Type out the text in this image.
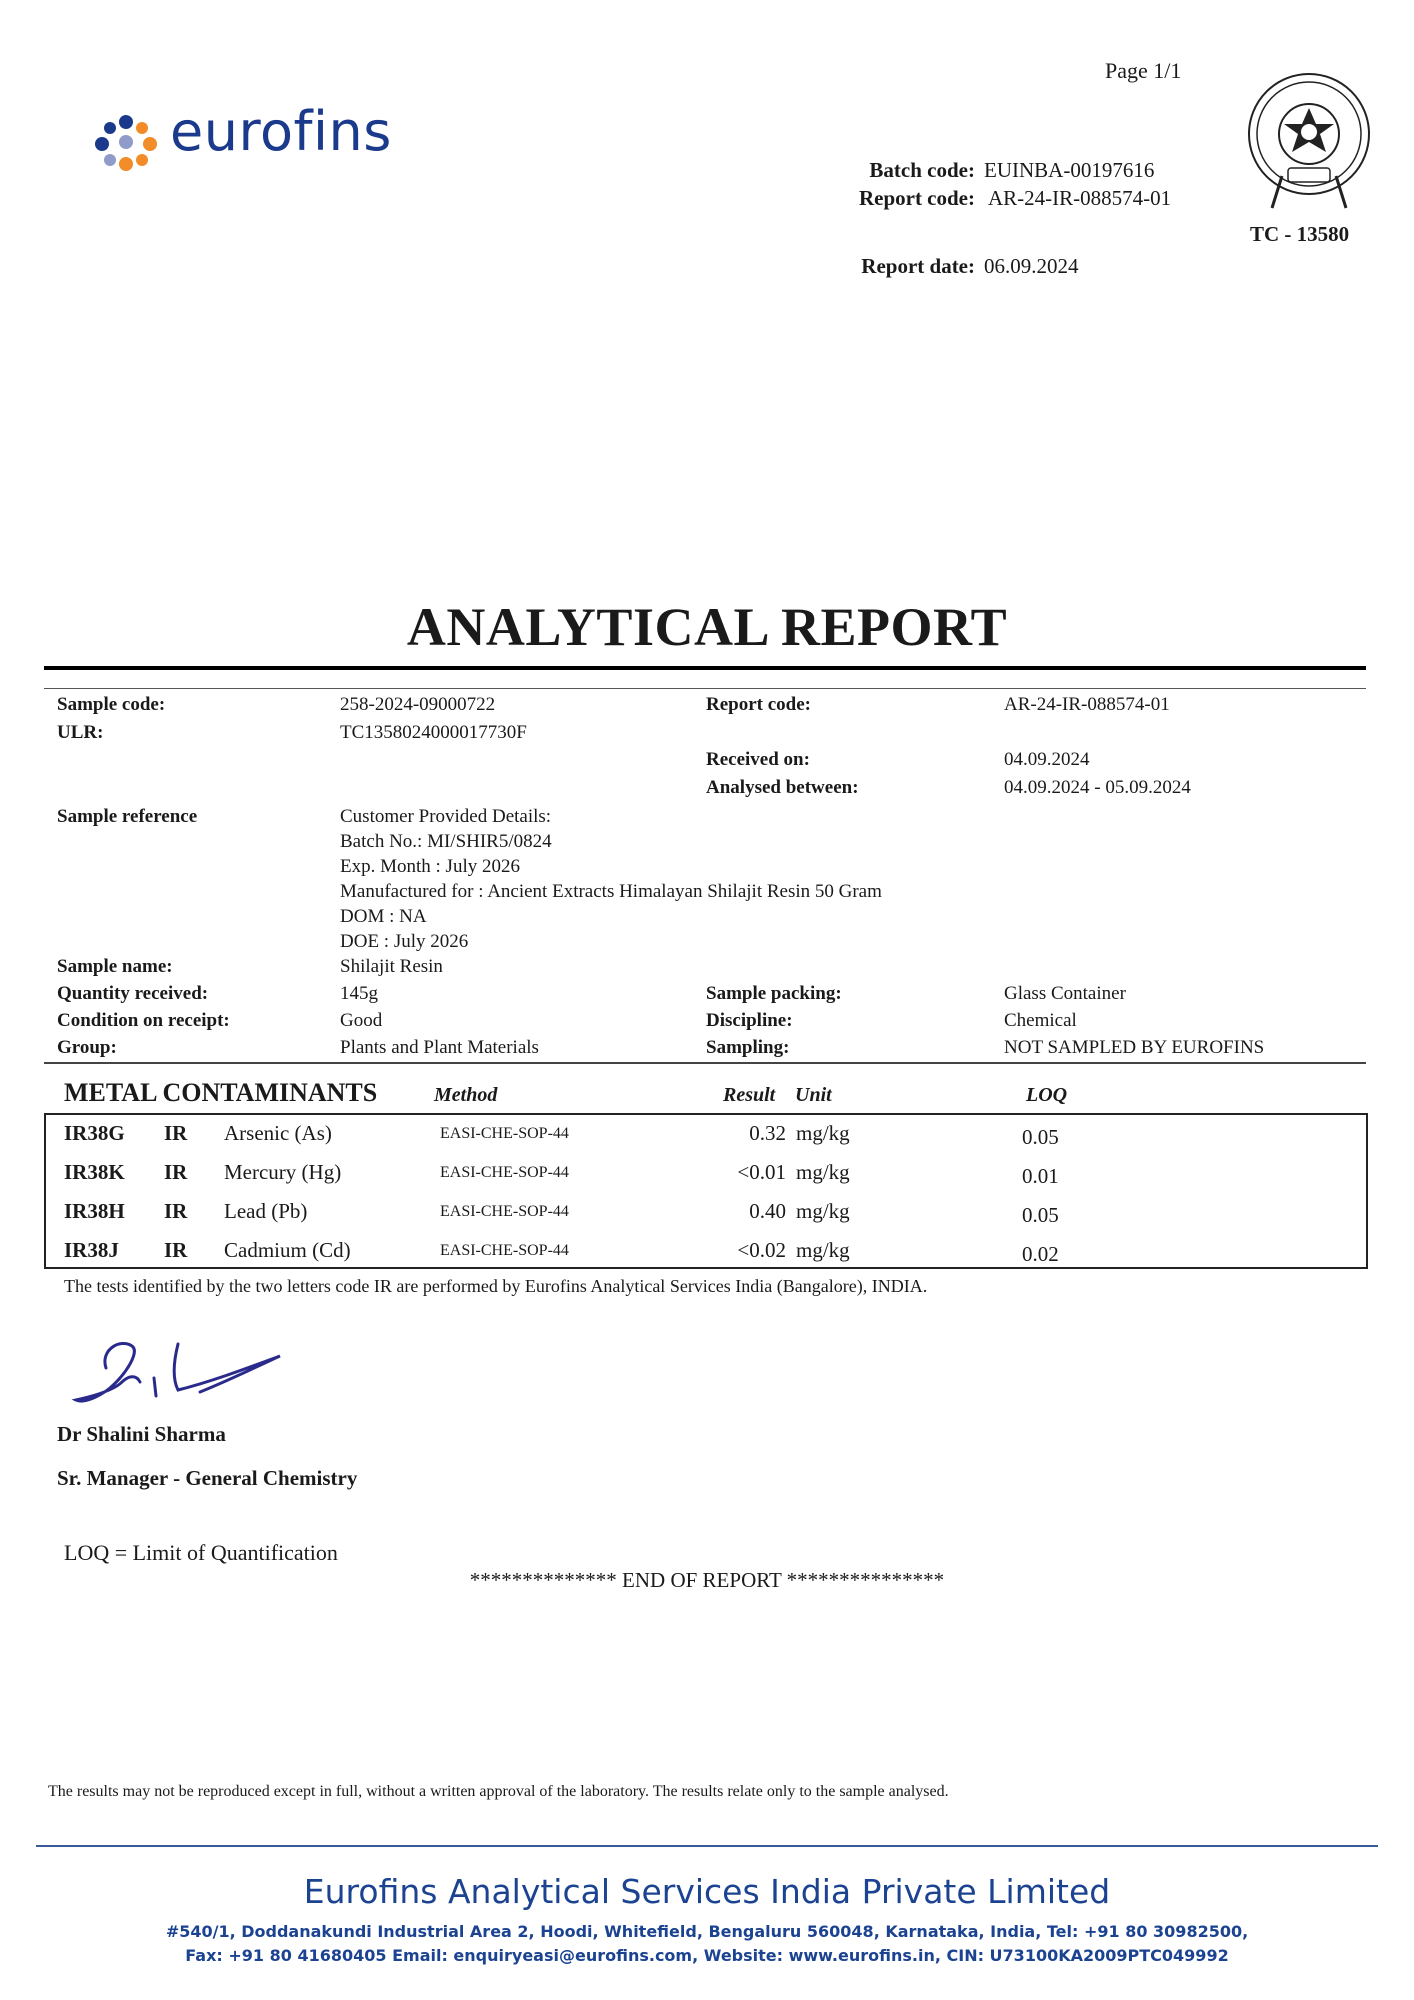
Page 1/1
eurofins
Batch code: EUINBA-00197616
Report code: AR-24-IR-088574-01
Report date: 06.09.2024
TC - 13580
ANALYTICAL REPORT
Sample code:	258-2024-09000722	Report code:	AR-24-IR-088574-01
ULR:	TC1358024000017730F
Received on:	04.09.2024
Analysed between:	04.09.2024 - 05.09.2024
Sample reference	Customer Provided Details:
Batch No.: MI/SHIR5/0824
Exp. Month : July 2026
Manufactured for : Ancient Extracts Himalayan Shilajit Resin 50 Gram
DOM : NA
DOE : July 2026
Sample name:	Shilajit Resin
Quantity received:	145g	Sample packing:	Glass Container
Condition on receipt:	Good	Discipline:	Chemical
Group:	Plants and Plant Materials	Sampling:	NOT SAMPLED BY EUROFINS
METAL CONTAMINANTS	Method	Result Unit	LOQ
IR38G IR Arsenic (As)	EASI-CHE-SOP-44	0.32 mg/kg	0.05
IR38K IR Mercury (Hg)	EASI-CHE-SOP-44	<0.01 mg/kg	0.01
IR38H IR Lead (Pb)	EASI-CHE-SOP-44	0.40 mg/kg	0.05
IR38J IR Cadmium (Cd)	EASI-CHE-SOP-44	<0.02 mg/kg	0.02
The tests identified by the two letters code IR are performed by Eurofins Analytical Services India (Bangalore), INDIA.
Dr Shalini Sharma
Sr. Manager - General Chemistry
LOQ = Limit of Quantification
************** END OF REPORT ***************
The results may not be reproduced except in full, without a written approval of the laboratory. The results relate only to the sample analysed.
Eurofins Analytical Services India Private Limited
#540/1, Doddanakundi Industrial Area 2, Hoodi, Whitefield, Bengaluru 560048, Karnataka, India, Tel: +91 80 30982500,
Fax: +91 80 41680405 Email: enquiryeasi@eurofins.com, Website: www.eurofins.in, CIN: U73100KA2009PTC049992
